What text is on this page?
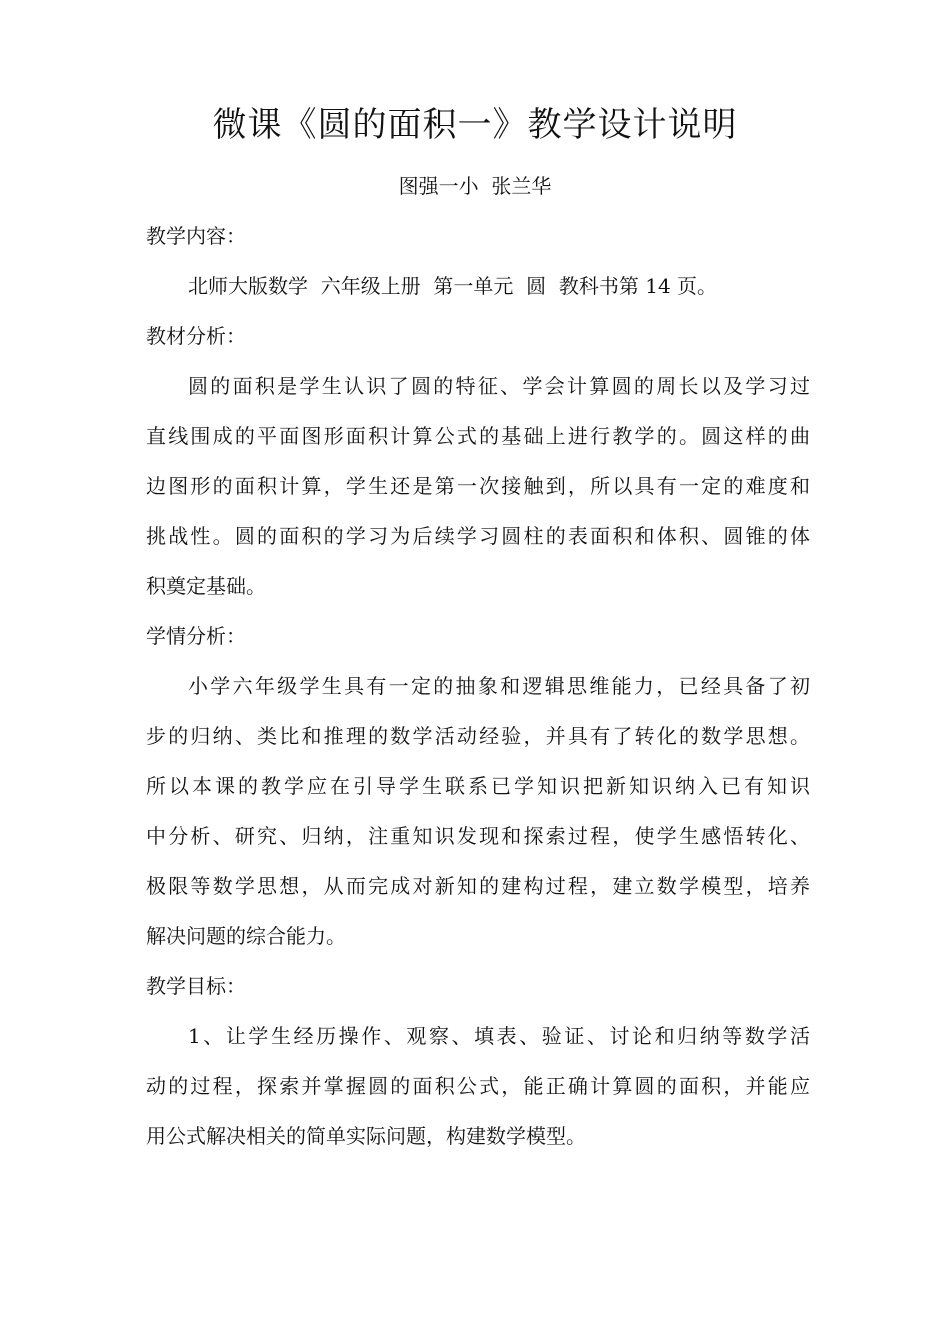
微课《圆的面积一》教学设计说明
图强一小  张兰华
教学内容：
北师大版数学  六年级上册  第一单元  圆  教科书第 14 页。
教材分析：
圆的面积是学生认识了圆的特征、学会计算圆的周长以及学习过
直线围成的平面图形面积计算公式的基础上进行教学的。圆这样的曲
边图形的面积计算，学生还是第一次接触到，所以具有一定的难度和
挑战性。圆的面积的学习为后续学习圆柱的表面积和体积、圆锥的体
积奠定基础。
学情分析：
小学六年级学生具有一定的抽象和逻辑思维能力，已经具备了初
步的归纳、类比和推理的数学活动经验，并具有了转化的数学思想。
所以本课的教学应在引导学生联系已学知识把新知识纳入已有知识
中分析、研究、归纳，注重知识发现和探索过程，使学生感悟转化、
极限等数学思想，从而完成对新知的建构过程，建立数学模型，培养
解决问题的综合能力。
教学目标：
1、让学生经历操作、观察、填表、验证、讨论和归纳等数学活
动的过程，探索并掌握圆的面积公式，能正确计算圆的面积，并能应
用公式解决相关的简单实际问题，构建数学模型。
